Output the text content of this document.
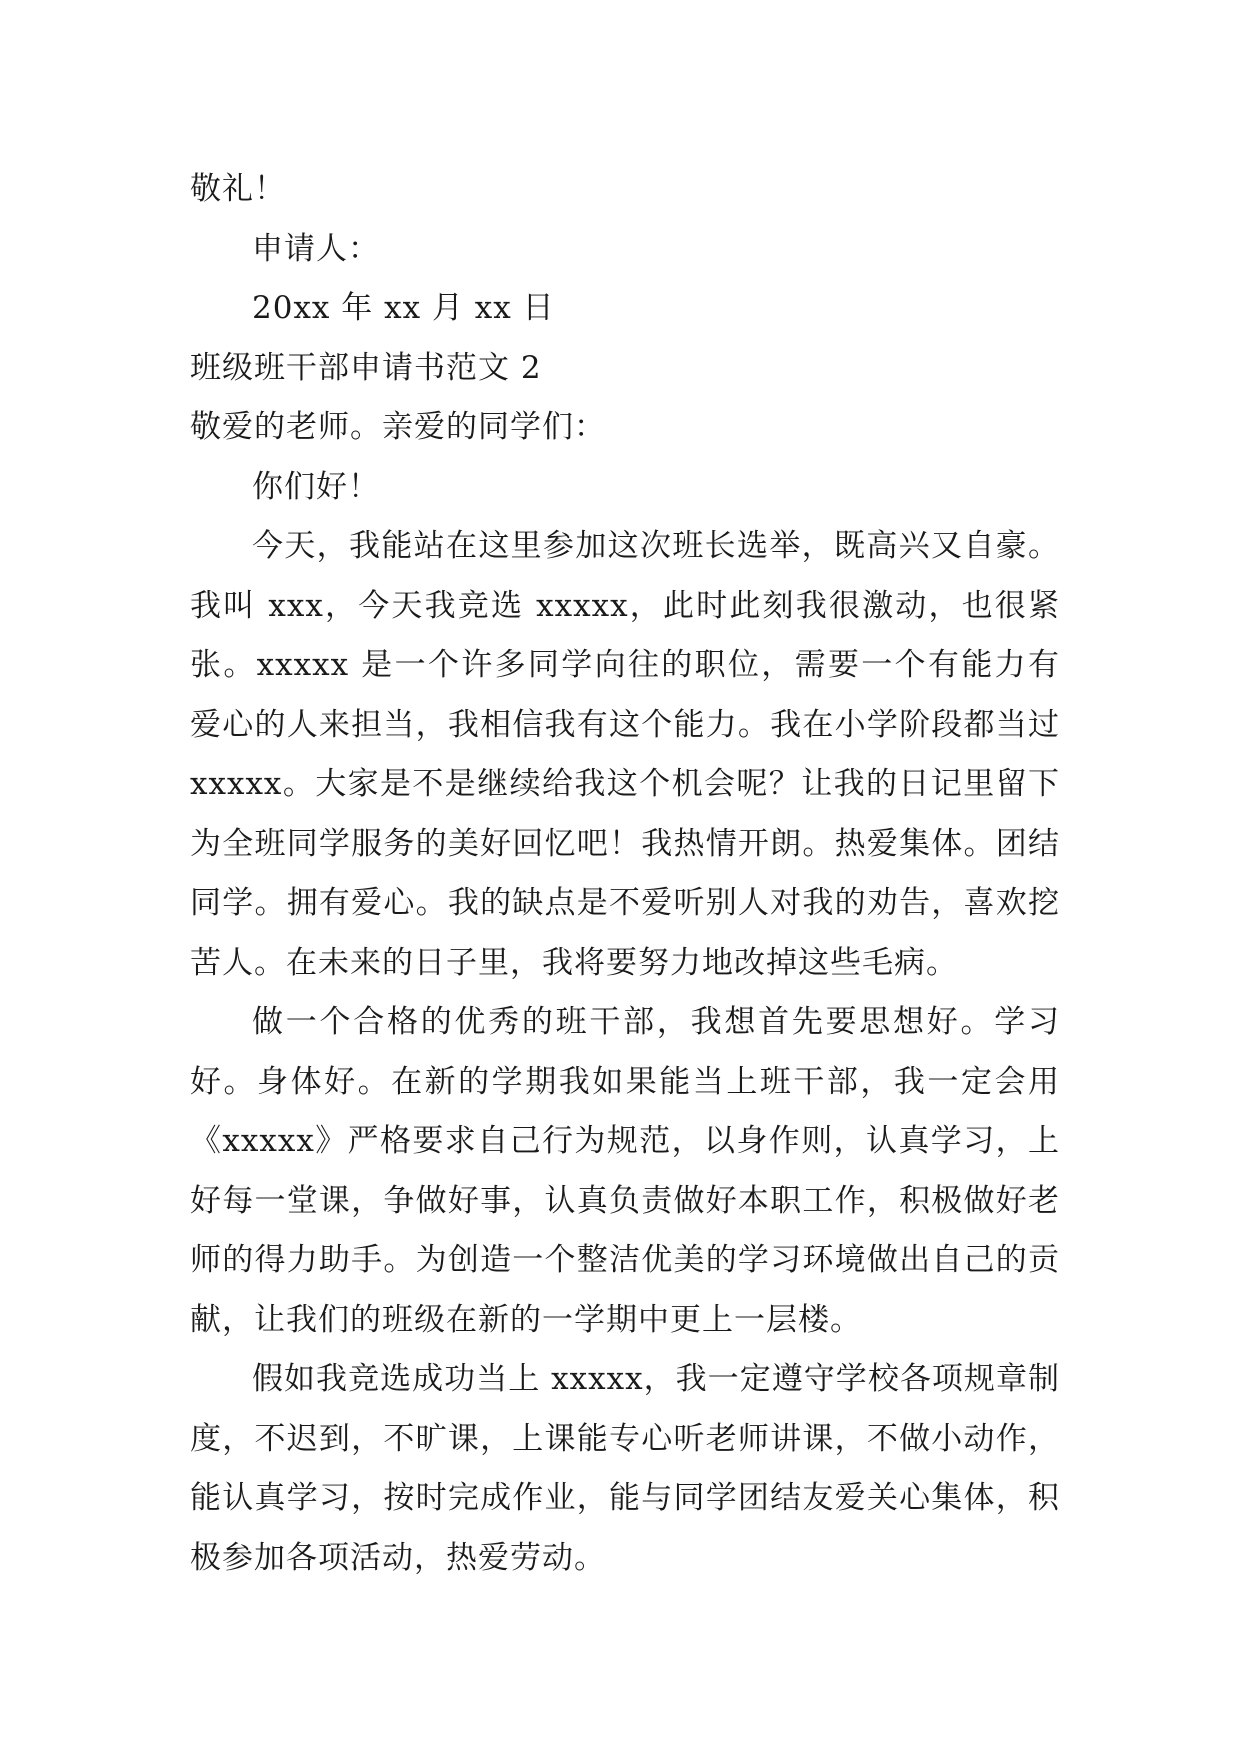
敬礼！
申请人：
20xx 年 xx 月 xx 日
班级班干部申请书范文 2
敬爱的老师。亲爱的同学们：
你们好！
今天，我能站在这里参加这次班长选举，既高兴又自豪。我叫 xxx，今天我竞选 xxxxx，此时此刻我很激动，也很紧张。xxxxx 是一个许多同学向往的职位，需要一个有能力有爱心的人来担当，我相信我有这个能力。我在小学阶段都当过 xxxxx。大家是不是继续给我这个机会呢？让我的日记里留下为全班同学服务的美好回忆吧！我热情开朗。热爱集体。团结同学。拥有爱心。我的缺点是不爱听别人对我的劝告，喜欢挖苦人。在未来的日子里，我将要努力地改掉这些毛病。
做一个合格的优秀的班干部，我想首先要思想好。学习好。身体好。在新的学期我如果能当上班干部，我一定会用《xxxxx》严格要求自己行为规范，以身作则，认真学习，上好每一堂课，争做好事，认真负责做好本职工作，积极做好老师的得力助手。为创造一个整洁优美的学习环境做出自己的贡献，让我们的班级在新的一学期中更上一层楼。
假如我竞选成功当上 xxxxx，我一定遵守学校各项规章制度，不迟到，不旷课，上课能专心听老师讲课，不做小动作，能认真学习，按时完成作业，能与同学团结友爱关心集体，积极参加各项活动，热爱劳动。
